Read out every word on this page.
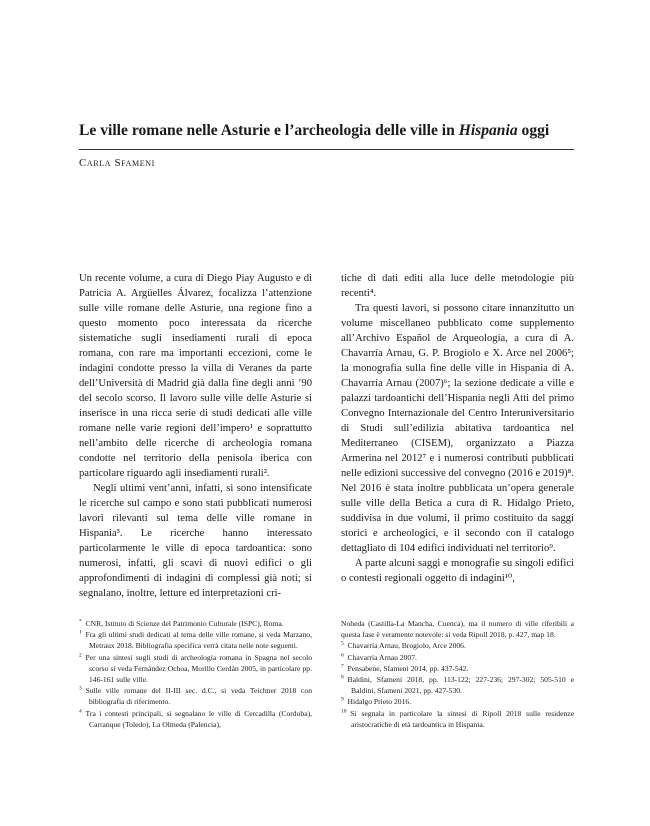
Le ville romane nelle Asturie e l’archeologia delle ville in Hispania oggi
Carla Sfameni

Un recente volume, a cura di Diego Piay Augusto e di Patricia A. Argüelles Álvarez, focalizza l’attenzione sulle ville romane delle Asturie, una regione fino a questo momento poco interessata da ricerche sistematiche sugli insediamenti rurali di epoca romana, con rare ma importanti eccezioni, come le indagini condotte presso la villa di Veranes da parte dell’Università di Madrid già dalla fine degli anni ’90 del secolo scorso. Il lavoro sulle ville delle Asturie si inserisce in una ricca serie di studi dedicati alle ville romane nelle varie regioni dell’impero¹ e soprattutto nell’ambito delle ricerche di archeologia romana condotte nel territorio della penisola iberica con particolare riguardo agli insediamenti rurali².

Negli ultimi vent’anni, infatti, si sono intensificate le ricerche sul campo e sono stati pubblicati numerosi lavori rilevanti sul tema delle ville romane in Hispania³. Le ricerche hanno interessato particolarmente le ville di epoca tardoantica: sono numerosi, infatti, gli scavi di nuovi edifici o gli approfondimenti di indagini di complessi già noti; si segnalano, inoltre, letture ed interpretazioni cri-

tiche di dati editi alla luce delle metodologie più recenti⁴.

Tra questi lavori, si possono citare innanzitutto un volume miscellaneo pubblicato come supplemento all’Archivo Español de Arqueología, a cura di A. Chavarría Arnau, G. P. Brogiolo e X. Arce nel 2006⁵; la monografia sulla fine delle ville in Hispania di A. Chavarría Arnau (2007)⁶; la sezione dedicate a ville e palazzi tardoantichi dell’Hispania negli Atti del primo Convegno Internazionale del Centro Interuniversitario di Studi sull’edilizia abitativa tardoantica nel Mediterraneo (CISEM), organizzato a Piazza Armerina nel 2012⁷ e i numerosi contributi pubblicati nelle edizioni successive del convegno (2016 e 2019)⁸. Nel 2016 è stata inoltre pubblicata un’opera generale sulle ville della Betica a cura di R. Hidalgo Prieto, suddivisa in due volumi, il primo costituito da saggi storici e archeologici, e il secondo con il catalogo dettagliato di 104 edifici individuati nel territorio⁹.

A parte alcuni saggi e monografie su singoli edifici o contesti regionali oggetto di indagini¹⁰,

*  CNR, Istituto di Scienze del Patrimonio Culturale (ISPC), Roma.

$^1$  Fra gli ultimi studi dedicati al tema delle ville romane, si veda Marzano, Metraux 2018. Bibliografia specifica verrà citata nelle note seguenti.

$^2$  Per una sintesi sugli studi di archeologia romana in Spagna nel secolo scorso si veda Fernández Ochoa, Morillo Cerdán 2005, in particolare pp. 146-161 sulle ville.

$^3$  Sulle ville romane del II-III sec. d.C., si veda Teichner 2018 con bibliografia di riferimento.

$^4$  Tra i contesti principali, si segnalano le ville di Cercadilla (Cordoba), Carranque (Toledo), La Olmeda (Palencia),

Noheda (Castilla-La Mancha, Cuenca), ma il numero di ville riferibili a questa fase è veramente notevole: si veda Ripoll 2018, p. 427, map 18.

$^5$  Chavarría Arnau, Brogiolo, Arce 2006.

$^6$  Chavarría Arnau 2007.

$^7$  Pensabene, Sfameni 2014, pp. 437-542.

$^8$  Baldini, Sfameni 2018, pp. 113-122; 227-236; 297-302; 505-510 e Baldini, Sfameni 2021, pp. 427-530.

$^9$  Hidalgo Prieto 2016.

$^{10}$  Si segnala in particolare la sintesi di Ripoll 2018 sulle residenze aristocratiche di età tardoantica in Hispania.
